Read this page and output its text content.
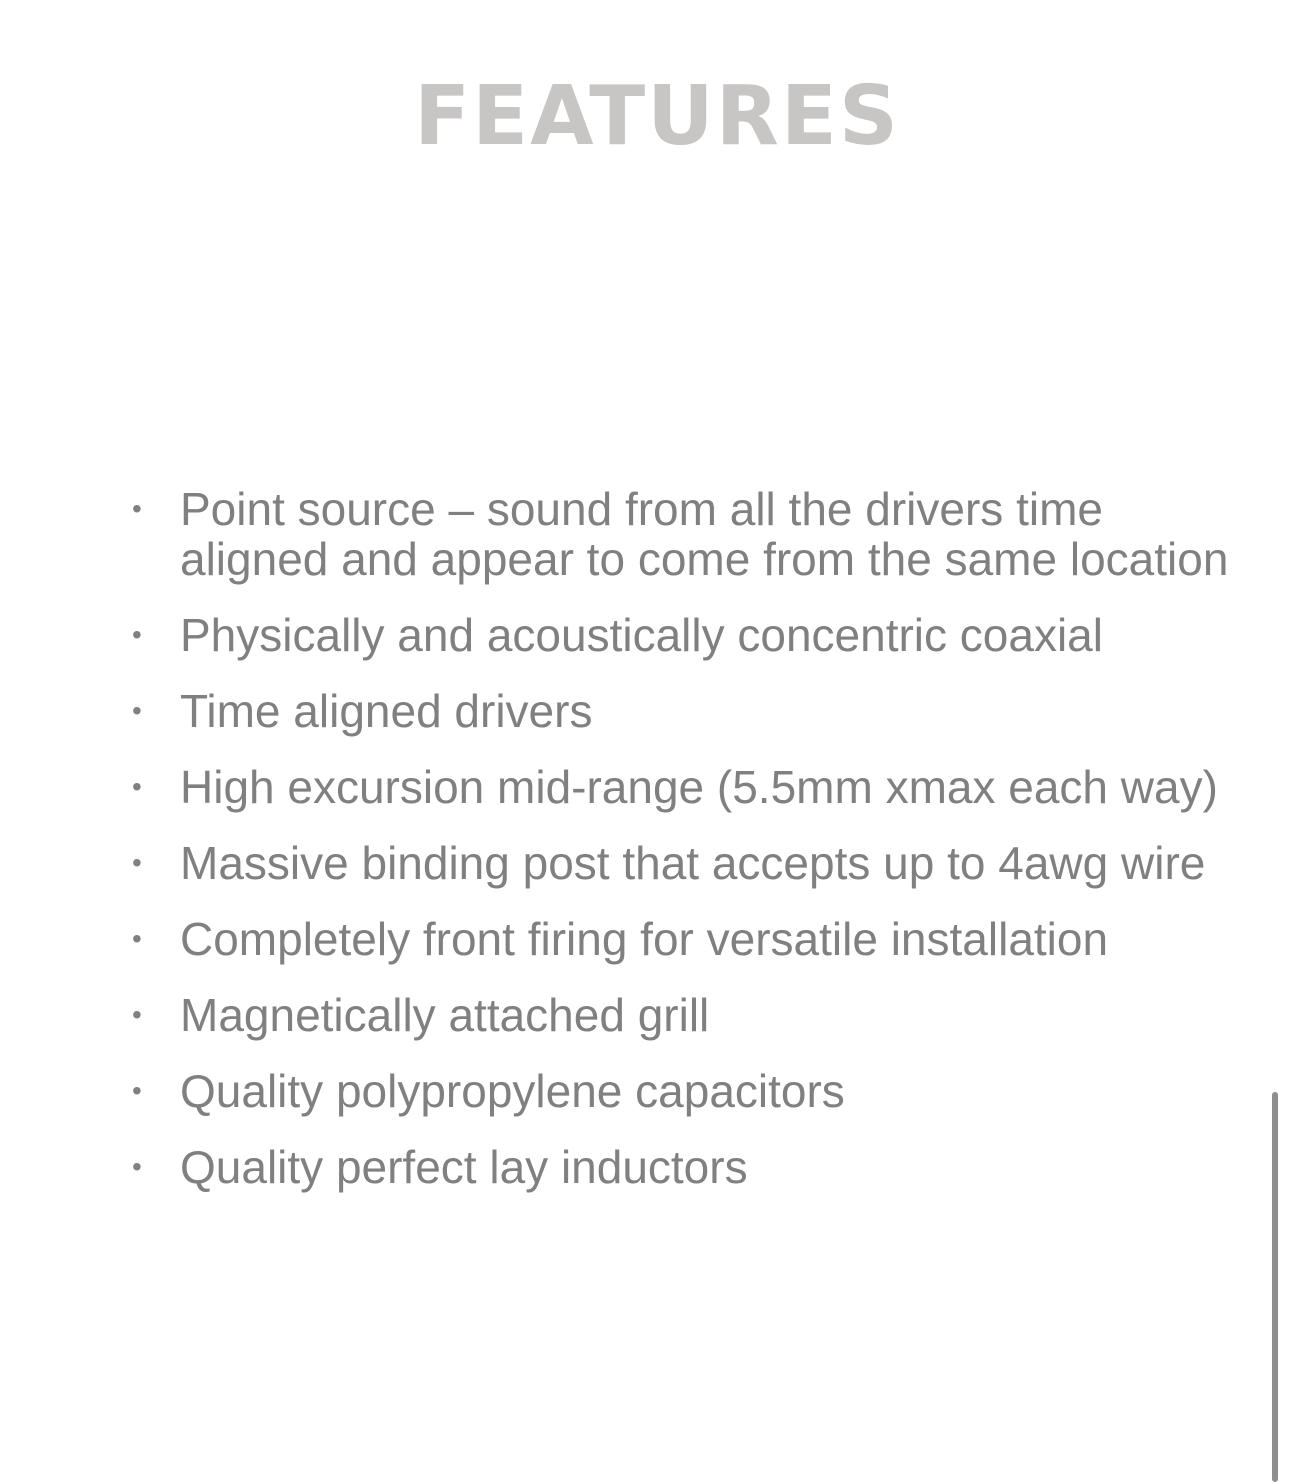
FEATURES
• Point source – sound from all the drivers time aligned and appear to come from the same location
• Physically and acoustically concentric coaxial
• Time aligned drivers
• High excursion mid-range (5.5mm xmax each way)
• Massive binding post that accepts up to 4awg wire
• Completely front firing for versatile installation
• Magnetically attached grill
• Quality polypropylene capacitors
• Quality perfect lay inductors
